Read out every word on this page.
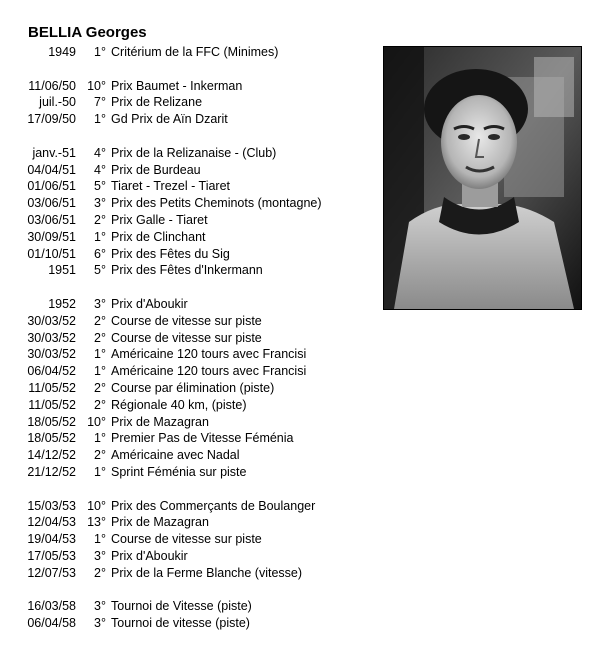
BELLIA Georges
1949	1° Critérium de la FFC (Minimes)
11/06/50 10° Prix Baumet - Inkerman
juil.-50	7° Prix de Relizane
17/09/50	1° Gd Prix de Aïn Dzarit
janv.-51	4° Prix de la Relizanaise - (Club)
04/04/51	4° Prix de Burdeau
01/06/51	5° Tiaret - Trezel - Tiaret
03/06/51	3° Prix des Petits Cheminots (montagne)
03/06/51	2° Prix Galle - Tiaret
30/09/51	1° Prix de Clinchant
01/10/51	6° Prix des Fêtes du Sig
1951	5° Prix des Fêtes d'Inkermann
1952	3° Prix d'Aboukir
30/03/52	2° Course de vitesse sur piste
30/03/52	2° Course de vitesse sur piste
30/03/52	1° Américaine 120 tours avec Francisi
06/04/52	1° Américaine 120 tours avec Francisi
11/05/52	2° Course par élimination (piste)
11/05/52	2° Régionale 40 km, (piste)
18/05/52 10° Prix de Mazagran
18/05/52	1° Premier Pas de Vitesse Féménia
14/12/52	2° Américaine avec Nadal
21/12/52	1° Sprint Féménia sur piste
15/03/53 10° Prix des Commerçants de Boulanger
12/04/53 13° Prix de Mazagran
19/04/53	1° Course de vitesse sur piste
17/05/53	3° Prix d'Aboukir
12/07/53	2° Prix de la Ferme Blanche (vitesse)
16/03/58	3° Tournoi de Vitesse (piste)
06/04/58	3° Tournoi de vitesse (piste)
